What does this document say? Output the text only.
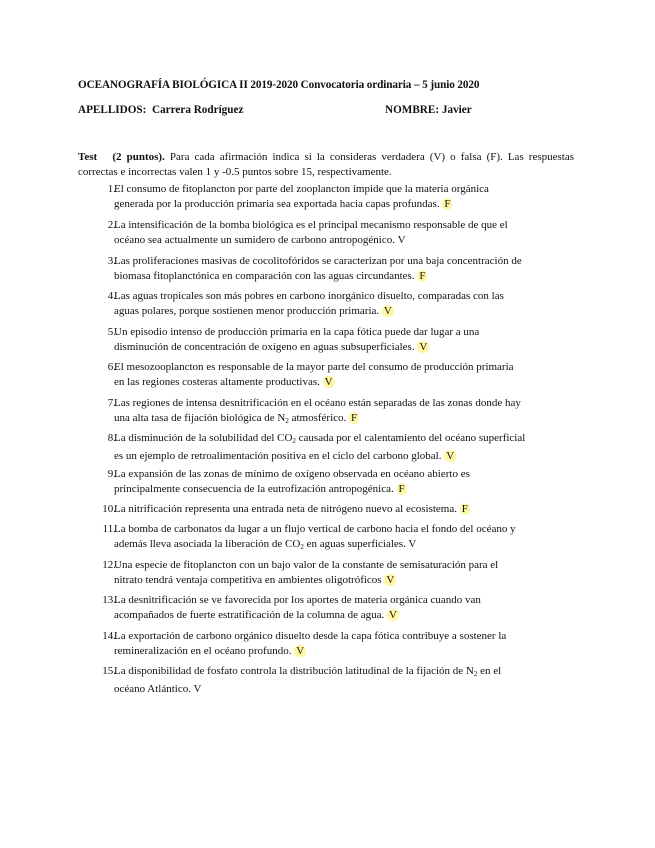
OCEANOGRAFÍA BIOLÓGICA II 2019-2020 Convocatoria ordinaria – 5 junio 2020
APELLIDOS: Carrera Rodríguez	NOMBRE: Javier
Test (2 puntos). Para cada afirmación indica si la consideras verdadera (V) o falsa (F). Las respuestas correctas e incorrectas valen 1 y -0.5 puntos sobre 15, respectivamente.
1.
El consumo de fitoplancton por parte del zooplancton impide que la materia orgánica
generada por la producción primaria sea exportada hacia capas profundas. F
2.
La intensificación de la bomba biológica es el principal mecanismo responsable de que el
océano sea actualmente un sumidero de carbono antropogénico. V
3.
Las proliferaciones masivas de cocolitofóridos se caracterizan por una baja concentración de
biomasa fitoplanctónica en comparación con las aguas circundantes. F
4.
Las aguas tropicales son más pobres en carbono inorgánico disuelto, comparadas con las
aguas polares, porque sostienen menor producción primaria. V
5.
Un episodio intenso de producción primaria en la capa fótica puede dar lugar a una
disminución de concentración de oxígeno en aguas subsuperficiales. V
6.
El mesozooplancton es responsable de la mayor parte del consumo de producción primaria
en las regiones costeras altamente productivas. V
7.
Las regiones de intensa desnitrificación en el océano están separadas de las zonas donde hay
una alta tasa de fijación biológica de $N_2$ atmosférico. F
8.
La disminución de la solubilidad del $CO_2$ causada por el calentamiento del océano superficial
es un ejemplo de retroalimentación positiva en el ciclo del carbono global. V
9.
La expansión de las zonas de mínimo de oxígeno observada en océano abierto es
principalmente consecuencia de la eutrofización antropogénica. F
10.
La nitrificación representa una entrada neta de nitrógeno nuevo al ecosistema. F
11.
La bomba de carbonatos da lugar a un flujo vertical de carbono hacia el fondo del océano y
además lleva asociada la liberación de $CO_2$ en aguas superficiales. V
12.
Una especie de fitoplancton con un bajo valor de la constante de semisaturación para el
nitrato tendrá ventaja competitiva en ambientes oligotróficos V
13.
La desnitrificación se ve favorecida por los aportes de materia orgánica cuando van
acompañados de fuerte estratificación de la columna de agua. V
14.
La exportación de carbono orgánico disuelto desde la capa fótica contribuye a sostener la
remineralización en el océano profundo. V
15.
La disponibilidad de fosfato controla la distribución latitudinal de la fijación de $N_2$ en el
océano Atlántico. V
